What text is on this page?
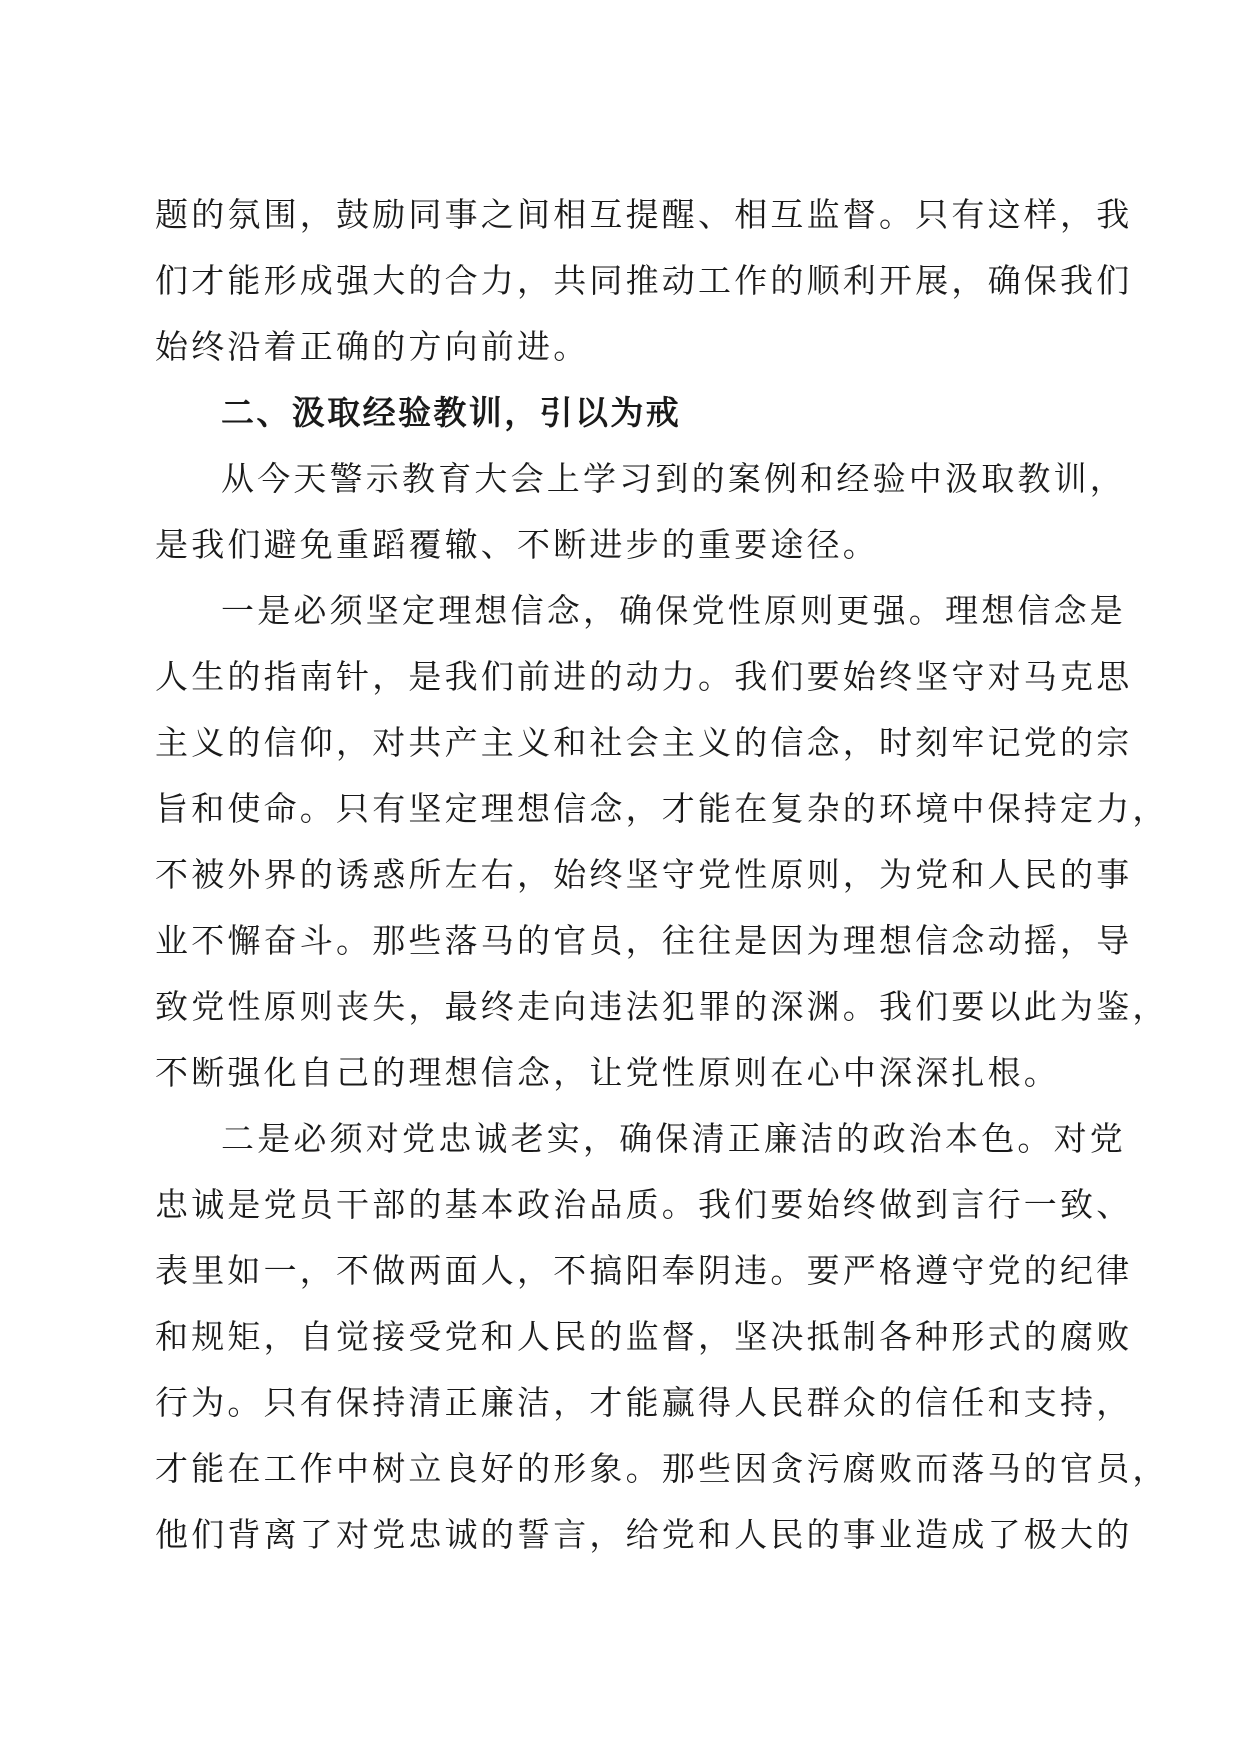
题的氛围，鼓励同事之间相互提醒、相互监督。只有这样，我
们才能形成强大的合力，共同推动工作的顺利开展，确保我们
始终沿着正确的方向前进。
二、汲取经验教训，引以为戒
从今天警示教育大会上学习到的案例和经验中汲取教训，
是我们避免重蹈覆辙、不断进步的重要途径。
一是必须坚定理想信念，确保党性原则更强。理想信念是
人生的指南针，是我们前进的动力。我们要始终坚守对马克思
主义的信仰，对共产主义和社会主义的信念，时刻牢记党的宗
旨和使命。只有坚定理想信念，才能在复杂的环境中保持定力，
不被外界的诱惑所左右，始终坚守党性原则，为党和人民的事
业不懈奋斗。那些落马的官员，往往是因为理想信念动摇，导
致党性原则丧失，最终走向违法犯罪的深渊。我们要以此为鉴，
不断强化自己的理想信念，让党性原则在心中深深扎根。
二是必须对党忠诚老实，确保清正廉洁的政治本色。对党
忠诚是党员干部的基本政治品质。我们要始终做到言行一致、
表里如一，不做两面人，不搞阳奉阴违。要严格遵守党的纪律
和规矩，自觉接受党和人民的监督，坚决抵制各种形式的腐败
行为。只有保持清正廉洁，才能赢得人民群众的信任和支持，
才能在工作中树立良好的形象。那些因贪污腐败而落马的官员，
他们背离了对党忠诚的誓言，给党和人民的事业造成了极大的
